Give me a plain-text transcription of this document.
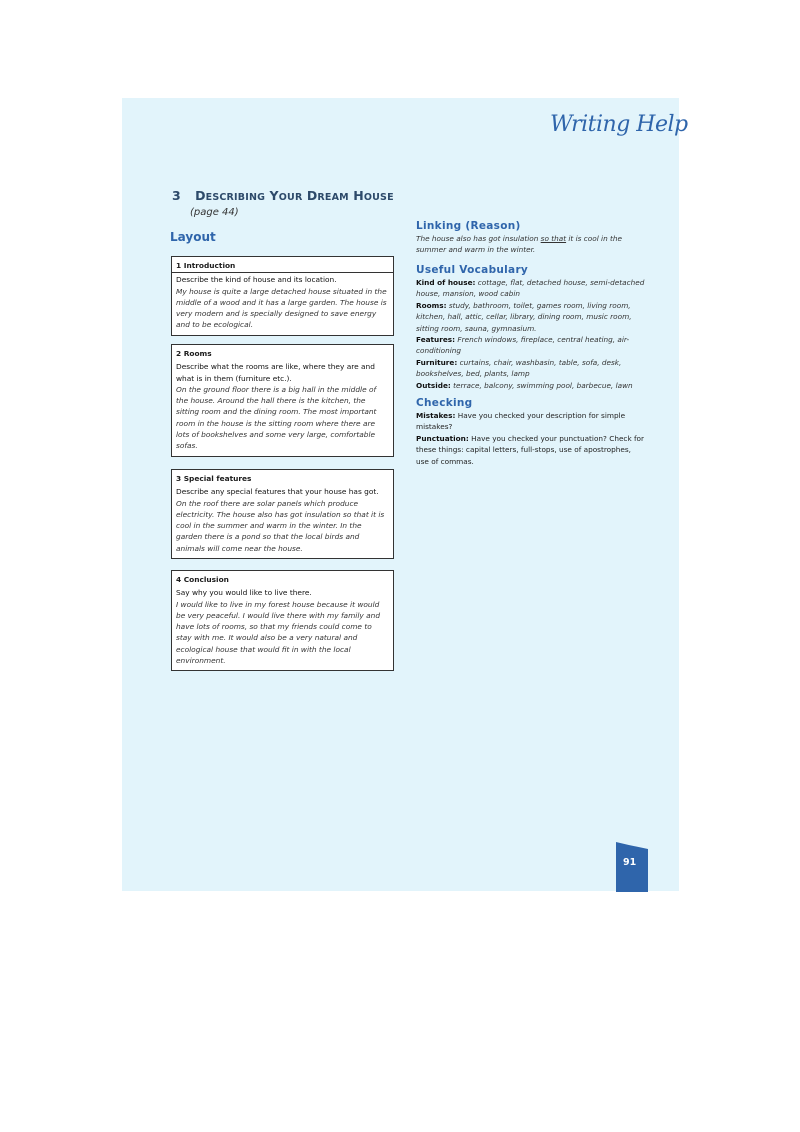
Writing Help
3 DESCRIBING YOUR DREAM HOUSE
(page 44)
Layout
1 Introduction
Describe the kind of house and its location.
My house is quite a large detached house situated in the middle of a wood and it has a large garden. The house is very modern and is specially designed to save energy and to be ecological.
2 Rooms
Describe what the rooms are like, where they are and what is in them (furniture etc.).
On the ground floor there is a big hall in the middle of the house. Around the hall there is the kitchen, the sitting room and the dining room. The most important room in the house is the sitting room where there are lots of bookshelves and some very large, comfortable sofas.
3 Special features
Describe any special features that your house has got.
On the roof there are solar panels which produce electricity. The house also has got insulation so that it is cool in the summer and warm in the winter. In the garden there is a pond so that the local birds and animals will come near the house.
4 Conclusion
Say why you would like to live there.
I would like to live in my forest house because it would be very peaceful. I would live there with my family and have lots of rooms, so that my friends could come to stay with me. It would also be a very natural and ecological house that would fit in with the local environment.
Linking (Reason)
The house also has got insulation so that it is cool in the summer and warm in the winter.
Useful Vocabulary
Kind of house: cottage, flat, detached house, semi-detached house, mansion, wood cabin
Rooms: study, bathroom, toilet, games room, living room, kitchen, hall, attic, cellar, library, dining room, music room, sitting room, sauna, gymnasium.
Features: French windows, fireplace, central heating, air-conditioning
Furniture: curtains, chair, washbasin, table, sofa, desk, bookshelves, bed, plants, lamp
Outside: terrace, balcony, swimming pool, barbecue, lawn
Checking
Mistakes: Have you checked your description for simple mistakes?
Punctuation: Have you checked your punctuation? Check for these things: capital letters, full-stops, use of apostrophes, use of commas.
91
